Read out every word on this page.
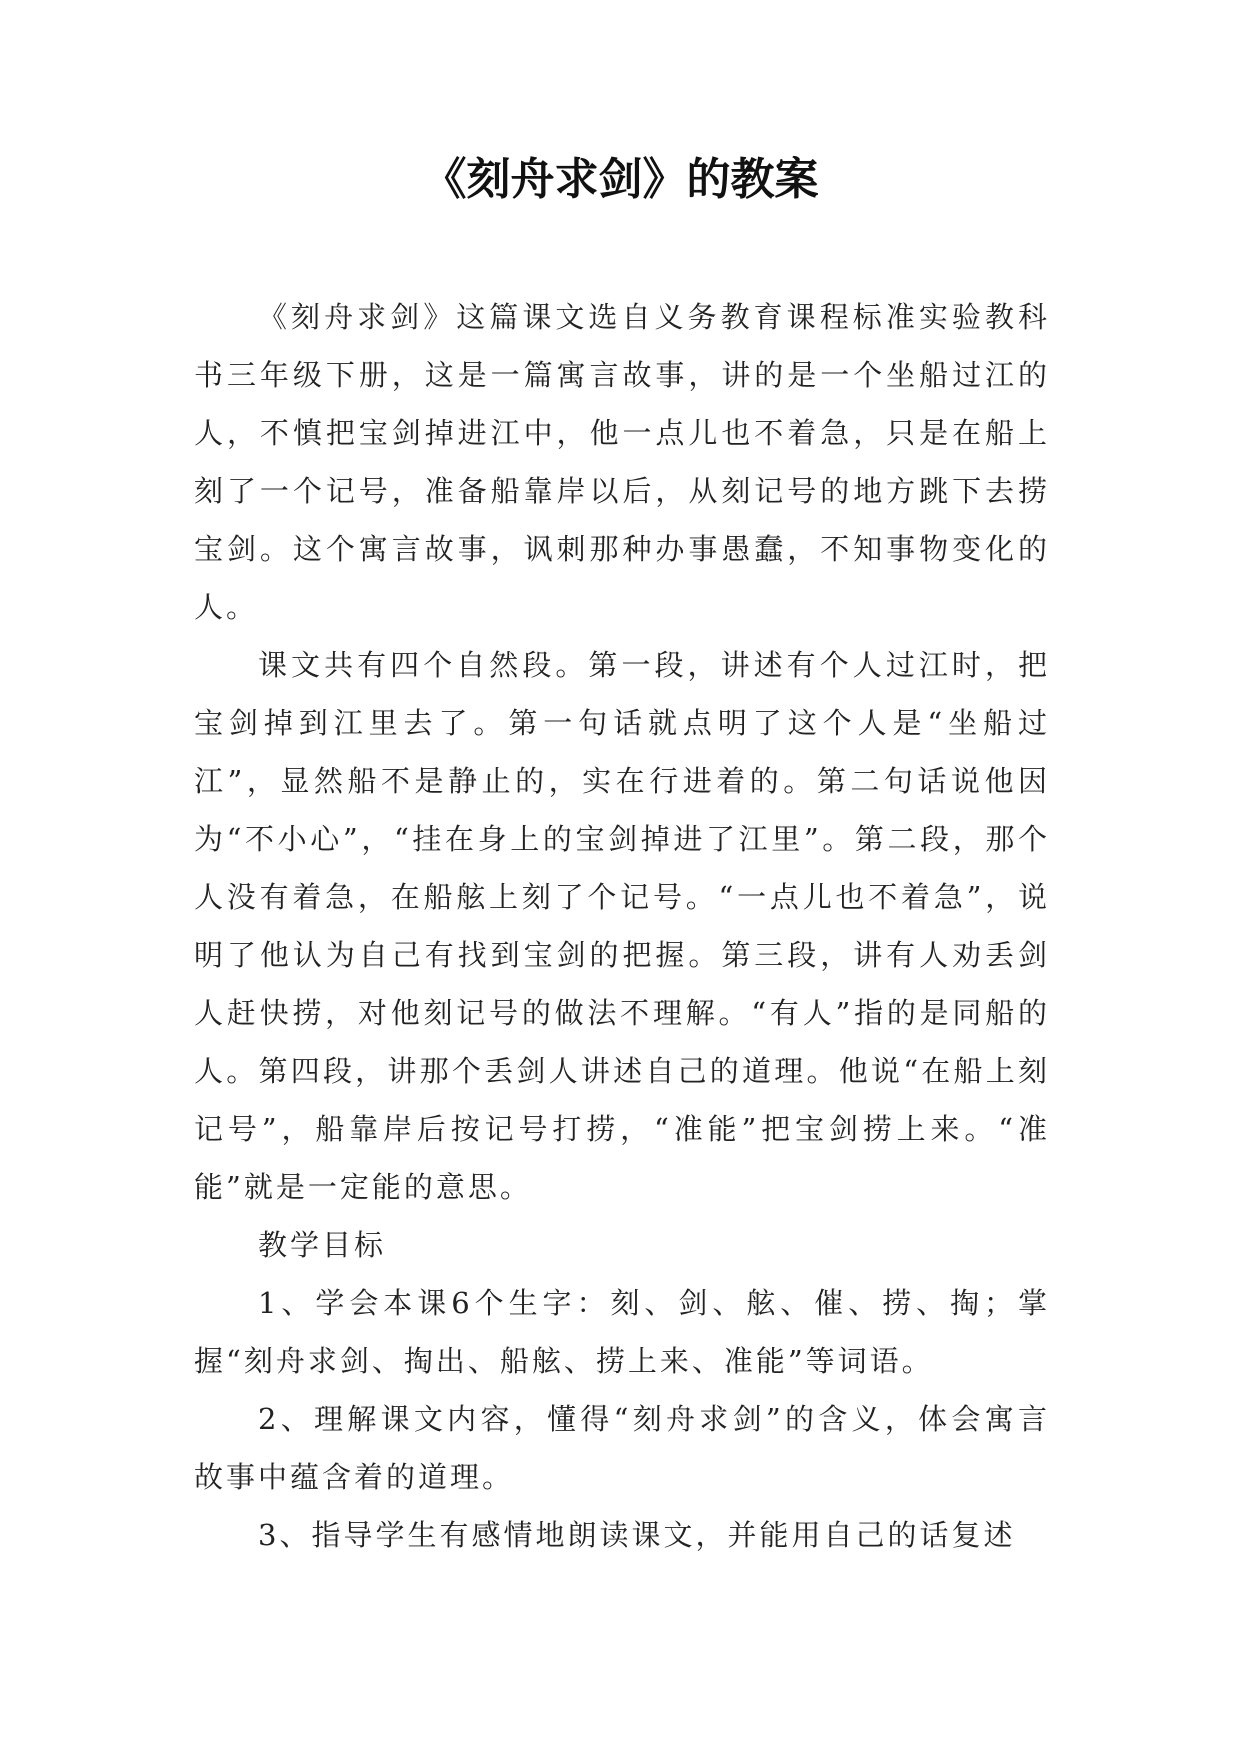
《刻舟求剑》的教案

《刻舟求剑》这篇课文选自义务教育课程标准实验教科书三年级下册，这是一篇寓言故事，讲的是一个坐船过江的人，不慎把宝剑掉进江中，他一点儿也不着急，只是在船上刻了一个记号，准备船靠岸以后，从刻记号的地方跳下去捞宝剑。这个寓言故事，讽刺那种办事愚蠢，不知事物变化的人。

课文共有四个自然段。第一段，讲述有个人过江时，把宝剑掉到江里去了。第一句话就点明了这个人是“坐船过江”，显然船不是静止的，实在行进着的。第二句话说他因为“不小心”，“挂在身上的宝剑掉进了江里”。第二段，那个人没有着急，在船舷上刻了个记号。“一点儿也不着急”，说明了他认为自己有找到宝剑的把握。第三段，讲有人劝丢剑人赶快捞，对他刻记号的做法不理解。“有人”指的是同船的人。第四段，讲那个丢剑人讲述自己的道理。他说“在船上刻记号”，船靠岸后按记号打捞，“准能”把宝剑捞上来。“准能”就是一定能的意思。

教学目标

1、学会本课6个生字：刻、剑、舷、催、捞、掏；掌握“刻舟求剑、掏出、船舷、捞上来、准能”等词语。

2、理解课文内容，懂得“刻舟求剑”的含义，体会寓言故事中蕴含着的道理。

3、指导学生有感情地朗读课文，并能用自己的话复述
